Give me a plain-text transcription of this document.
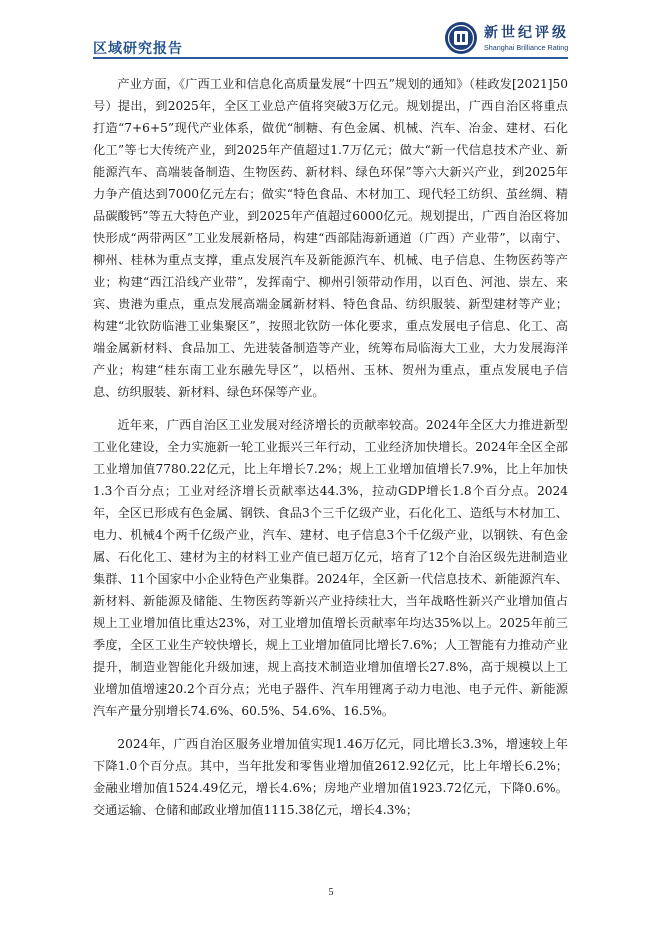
区域研究报告
新世纪评级
Shanghai Brilliance Rating

产业方面，《广西工业和信息化高质量发展“十四五”规划的通知》（桂政发[2021]50号）提出，到2025年，全区工业总产值将突破3万亿元。规划提出，广西自治区将重点打造“7+6+5”现代产业体系，做优“制糖、有色金属、机械、汽车、冶金、建材、石化化工”等七大传统产业，到2025年产值超过1.7万亿元；做大“新一代信息技术产业、新能源汽车、高端装备制造、生物医药、新材料、绿色环保”等六大新兴产业，到2025年力争产值达到7000亿元左右；做实“特色食品、木材加工、现代轻工纺织、茧丝绸、精品碳酸钙”等五大特色产业，到2025年产值超过6000亿元。规划提出，广西自治区将加快形成“两带两区”工业发展新格局，构建“西部陆海新通道（广西）产业带”，以南宁、柳州、桂林为重点支撑，重点发展汽车及新能源汽车、机械、电子信息、生物医药等产业；构建“西江沿线产业带”，发挥南宁、柳州引领带动作用，以百色、河池、崇左、来宾、贵港为重点，重点发展高端金属新材料、特色食品、纺织服装、新型建材等产业；构建“北钦防临港工业集聚区”，按照北钦防一体化要求，重点发展电子信息、化工、高端金属新材料、食品加工、先进装备制造等产业，统筹布局临海大工业，大力发展海洋产业；构建“桂东南工业东融先导区”，以梧州、玉林、贺州为重点，重点发展电子信息、纺织服装、新材料、绿色环保等产业。

近年来，广西自治区工业发展对经济增长的贡献率较高。2024年全区大力推进新型工业化建设，全力实施新一轮工业振兴三年行动，工业经济加快增长。2024年全区全部工业增加值7780.22亿元，比上年增长7.2%；规上工业增加值增长7.9%，比上年加快1.3个百分点；工业对经济增长贡献率达44.3%，拉动GDP增长1.8个百分点。2024年，全区已形成有色金属、钢铁、食品3个三千亿级产业，石化化工、造纸与木材加工、电力、机械4个两千亿级产业，汽车、建材、电子信息3个千亿级产业，以钢铁、有色金属、石化化工、建材为主的材料工业产值已超万亿元，培育了12个自治区级先进制造业集群、11个国家中小企业特色产业集群。2024年，全区新一代信息技术、新能源汽车、新材料、新能源及储能、生物医药等新兴产业持续壮大，当年战略性新兴产业增加值占规上工业增加值比重达23%，对工业增加值增长贡献率年均达35%以上。2025年前三季度，全区工业生产较快增长，规上工业增加值同比增长7.6%；人工智能有力推动产业提升，制造业智能化升级加速，规上高技术制造业增加值增长27.8%，高于规模以上工业增加值增速20.2个百分点；光电子器件、汽车用锂离子动力电池、电子元件、新能源汽车产量分别增长74.6%、60.5%、54.6%、16.5%。

2024年，广西自治区服务业增加值实现1.46万亿元，同比增长3.3%，增速较上年下降1.0个百分点。其中，当年批发和零售业增加值2612.92亿元，比上年增长6.2%；金融业增加值1524.49亿元，增长4.6%；房地产业增加值1923.72亿元，下降0.6%。交通运输、仓储和邮政业增加值1115.38亿元，增长4.3%；

5
